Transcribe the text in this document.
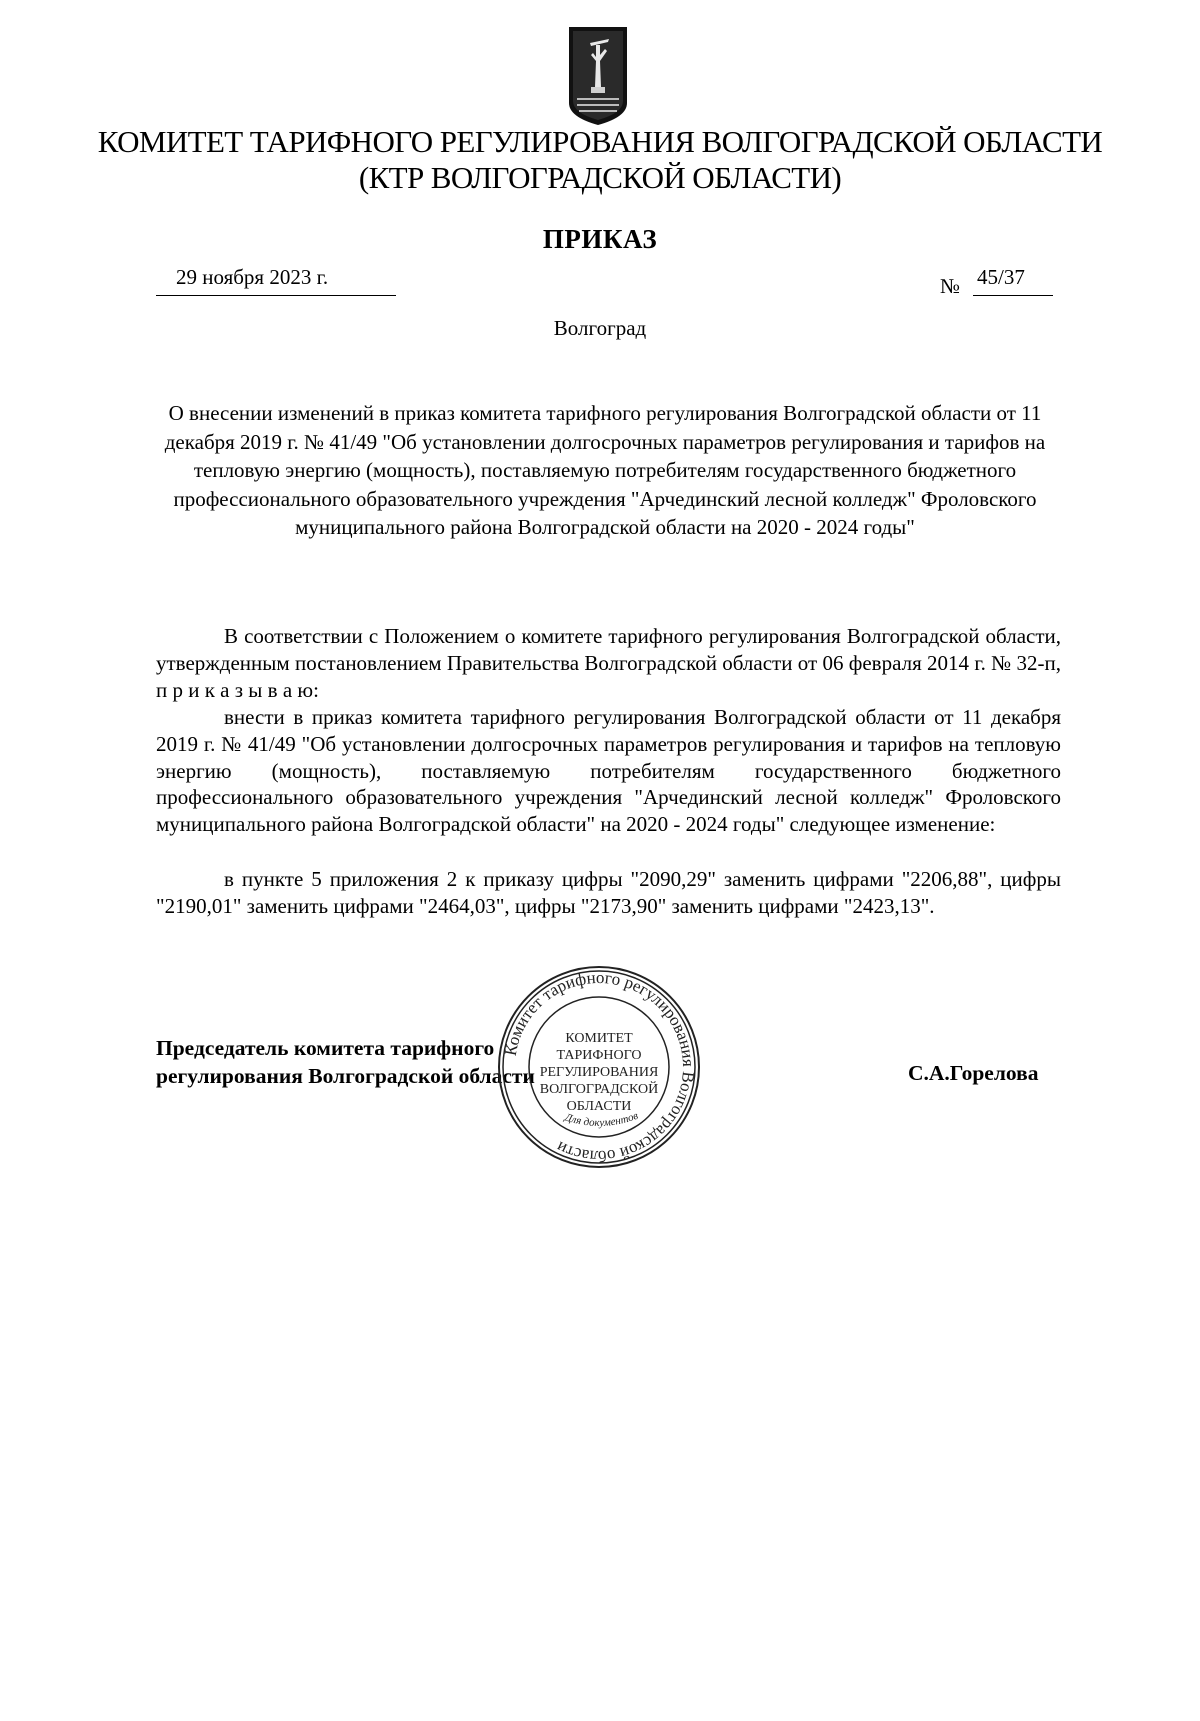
КОМИТЕТ ТАРИФНОГО РЕГУЛИРОВАНИЯ ВОЛГОГРАДСКОЙ ОБЛАСТИ
(КТР ВОЛГОГРАДСКОЙ ОБЛАСТИ)
ПРИКАЗ
29 ноября 2023 г.	№ 45/37
Волгоград
О внесении изменений в приказ комитета тарифного регулирования Волгоградской области от 11 декабря 2019 г. № 41/49 "Об установлении долгосрочных параметров регулирования и тарифов на тепловую энергию (мощность), поставляемую потребителям государственного бюджетного профессионального образовательного учреждения "Арчединский лесной колледж" Фроловского муниципального района Волгоградской области на 2020 - 2024 годы"

В соответствии с Положением о комитете тарифного регулирования Волгоградской области, утвержденным постановлением Правительства Волгоградской области от 06 февраля 2014 г. № 32-п, п р и к а з ы в а ю:

внести в приказ комитета тарифного регулирования Волгоградской области от 11 декабря 2019 г. № 41/49 "Об установлении долгосрочных параметров регулирования и тарифов на тепловую энергию (мощность), поставляемую потребителям государственного бюджетного профессионального образовательного учреждения "Арчединский лесной колледж" Фроловского муниципального района Волгоградской области" на 2020 - 2024 годы" следующее изменение:

в пункте 5 приложения 2 к приказу цифры "2090,29" заменить цифрами "2206,88", цифры "2190,01" заменить цифрами "2464,03", цифры "2173,90" заменить цифрами "2423,13".

Председатель комитета тарифного
регулирования Волгоградской области	С.А.Горелова
Комитет тарифного регулирования Волгоградской области
КОМИТЕТ
ТАРИФНОГО
РЕГУЛИРОВАНИЯ
ВОЛГОГРАДСКОЙ
ОБЛАСТИ
Для документов
